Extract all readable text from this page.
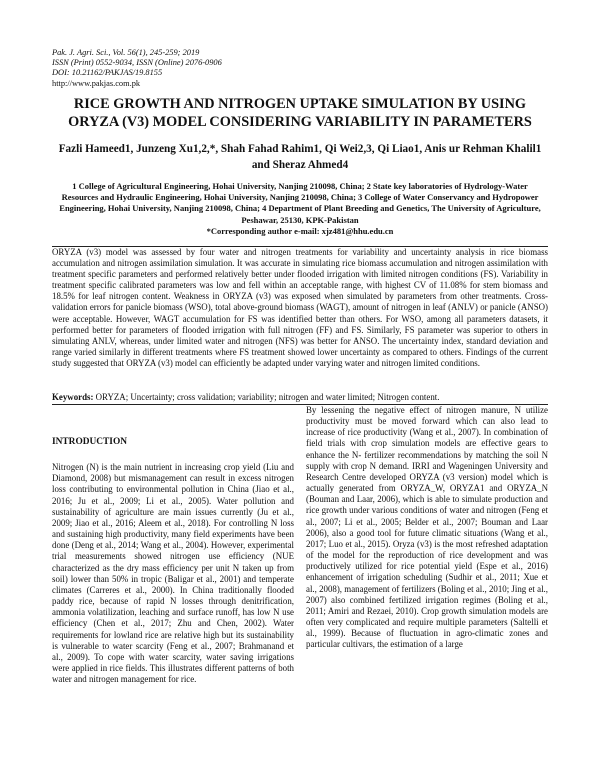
Pak. J. Agri. Sci., Vol. 56(1), 245-259; 2019
ISSN (Print) 0552-9034, ISSN (Online) 2076-0906
DOI: 10.21162/PAKJAS/19.8155
http://www.pakjas.com.pk
RICE GROWTH AND NITROGEN UPTAKE SIMULATION BY USING ORYZA (V3) MODEL CONSIDERING VARIABILITY IN PARAMETERS
Fazli Hameed1, Junzeng Xu1,2,*, Shah Fahad Rahim1, Qi Wei2,3, Qi Liao1, Anis ur Rehman Khalil1 and Sheraz Ahmed4
1 College of Agricultural Engineering, Hohai University, Nanjing 210098, China; 2 State key laboratories of Hydrology-Water Resources and Hydraulic Engineering, Hohai University, Nanjing 210098, China; 3 College of Water Conservancy and Hydropower Engineering, Hohai University, Nanjing 210098, China; 4 Department of Plant Breeding and Genetics, The University of Agriculture, Peshawar, 25130, KPK-Pakistan
*Corresponding author e-mail: xjz481@hhu.edu.cn
ORYZA (v3) model was assessed by four water and nitrogen treatments for variability and uncertainty analysis in rice biomass accumulation and nitrogen assimilation simulation. It was accurate in simulating rice biomass accumulation and nitrogen assimilation with treatment specific parameters and performed relatively better under flooded irrigation with limited nitrogen conditions (FS). Variability in treatment specific calibrated parameters was low and fell within an acceptable range, with highest CV of 11.08% for stem biomass and 18.5% for leaf nitrogen content. Weakness in ORYZA (v3) was exposed when simulated by parameters from other treatments. Cross-validation errors for panicle biomass (WSO), total above-ground biomass (WAGT), amount of nitrogen in leaf (ANLV) or panicle (ANSO) were acceptable. However, WAGT accumulation for FS was identified better than others. For WSO, among all parameters datasets, it performed better for parameters of flooded irrigation with full nitrogen (FF) and FS. Similarly, FS parameter was superior to others in simulating ANLV, whereas, under limited water and nitrogen (NFS) was better for ANSO. The uncertainty index, standard deviation and range varied similarly in different treatments where FS treatment showed lower uncertainty as compared to others. Findings of the current study suggested that ORYZA (v3) model can efficiently be adapted under varying water and nitrogen limited conditions.
Keywords: ORYZA; Uncertainty; cross validation; variability; nitrogen and water limited; Nitrogen content.
INTRODUCTION

Nitrogen (N) is the main nutrient in increasing crop yield (Liu and Diamond, 2008) but mismanagement can result in excess nitrogen loss contributing to environmental pollution in China (Jiao et al., 2016; Ju et al., 2009; Li et al., 2005). Water pollution and sustainability of agriculture are main issues currently (Ju et al., 2009; Jiao et al., 2016; Aleem et al., 2018). For controlling N loss and sustaining high productivity, many field experiments have been done (Deng et al., 2014; Wang et al., 2004). However, experimental trial measurements showed nitrogen use efficiency (NUE characterized as the dry mass efficiency per unit N taken up from soil) lower than 50% in tropic (Baligar et al., 2001) and temperate climates (Carreres et al., 2000). In China traditionally flooded paddy rice, because of rapid N losses through denitrification, ammonia volatilization, leaching and surface runoff, has low N use efficiency (Chen et al., 2017; Zhu and Chen, 2002). Water requirements for lowland rice are relative high but its sustainability is vulnerable to water scarcity (Feng et al., 2007; Brahmanand et al., 2009). To cope with water scarcity, water saving irrigations were applied in rice fields. This illustrates different patterns of both water and nitrogen management for rice.

By lessening the negative effect of nitrogen manure, N utilize productivity must be moved forward which can also lead to increase of rice productivity (Wang et al., 2007). In combination of field trials with crop simulation models are effective gears to enhance the N- fertilizer recommendations by matching the soil N supply with crop N demand. IRRI and Wageningen University and Research Centre developed ORYZA (v3 version) model which is actually generated from ORYZA_W, ORYZA1 and ORYZA_N (Bouman and Laar, 2006), which is able to simulate production and rice growth under various conditions of water and nitrogen (Feng et al., 2007; Li et al., 2005; Belder et al., 2007; Bouman and Laar 2006), also a good tool for future climatic situations (Wang et al., 2017; Luo et al., 2015). Oryza (v3) is the most refreshed adaptation of the model for the reproduction of rice development and was productively utilized for rice potential yield (Espe et al., 2016) enhancement of irrigation scheduling (Sudhir et al., 2011; Xue et al., 2008), management of fertilizers (Boling et al., 2010; Jing et al., 2007) also combined fertilized irrigation regimes (Boling et al., 2011; Amiri and Rezaei, 2010). Crop growth simulation models are often very complicated and require multiple parameters (Saltelli et al., 1999). Because of fluctuation in agro-climatic zones and particular cultivars, the estimation of a large
